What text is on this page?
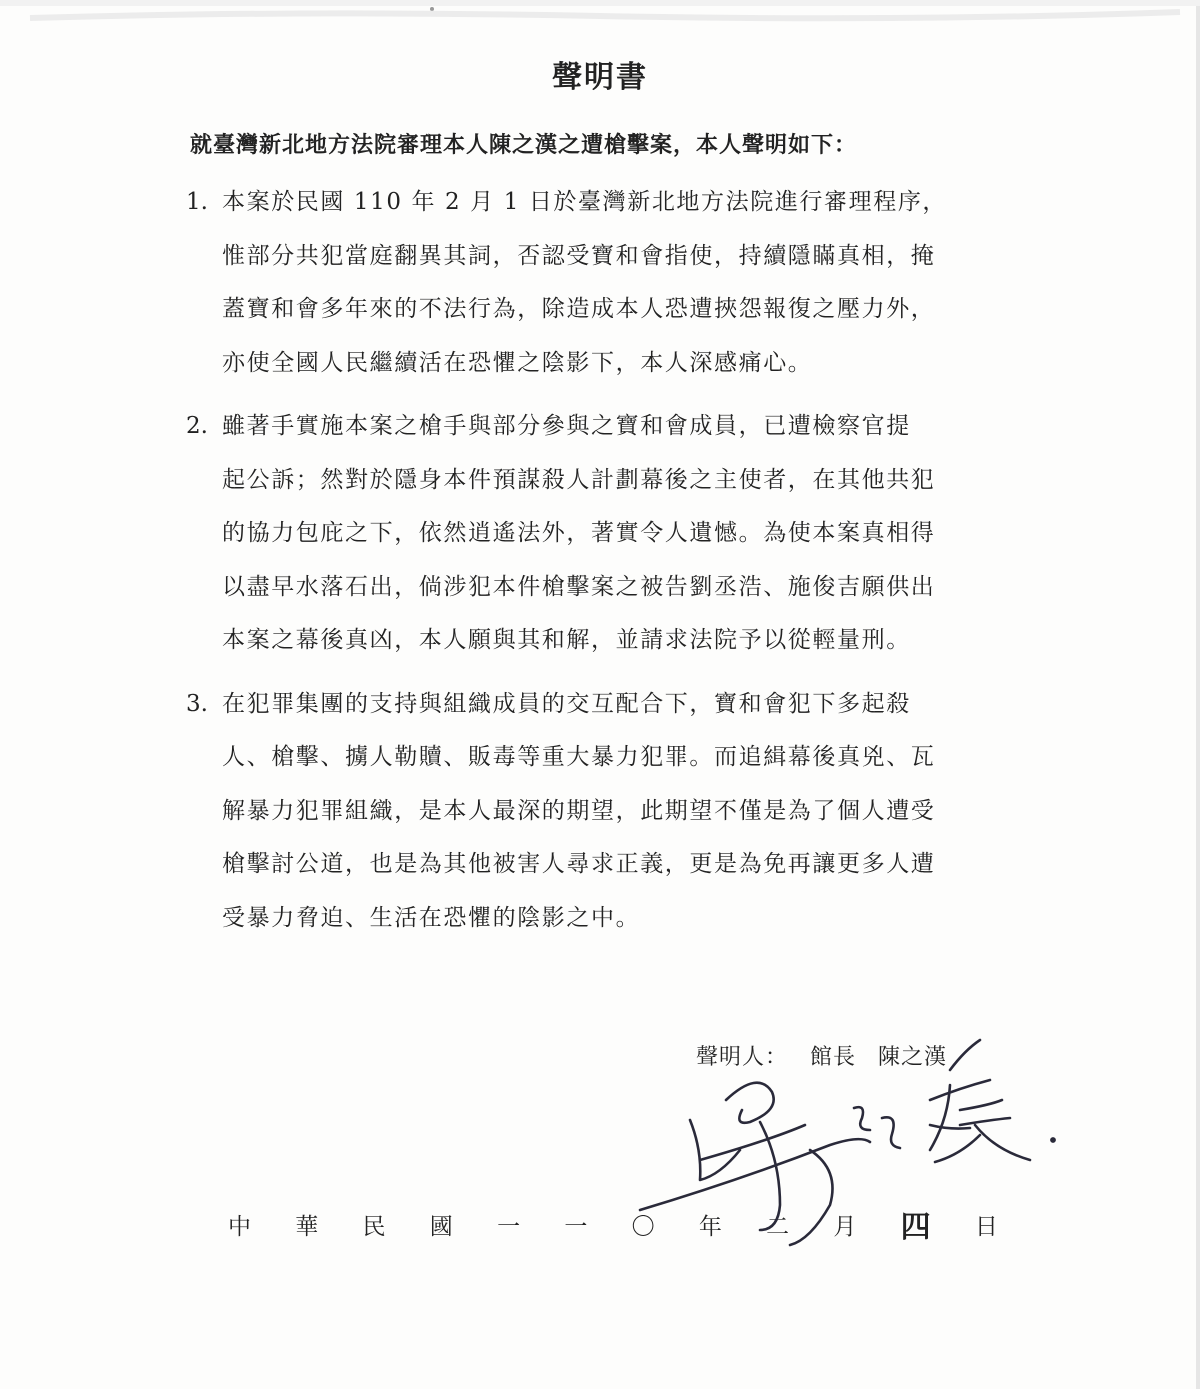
聲明書
就臺灣新北地方法院審理本人陳之漢之遭槍擊案，本人聲明如下：
1. 本案於民國 110 年 2 月 1 日於臺灣新北地方法院進行審理程序，
惟部分共犯當庭翻異其詞，否認受寶和會指使，持續隱瞞真相，掩
蓋寶和會多年來的不法行為，除造成本人恐遭挾怨報復之壓力外，
亦使全國人民繼續活在恐懼之陰影下，本人深感痛心。
2. 雖著手實施本案之槍手與部分參與之寶和會成員，已遭檢察官提
起公訴；然對於隱身本件預謀殺人計劃幕後之主使者，在其他共犯
的協力包庇之下，依然逍遙法外，著實令人遺憾。為使本案真相得
以盡早水落石出，倘涉犯本件槍擊案之被告劉丞浩、施俊吉願供出
本案之幕後真凶，本人願與其和解，並請求法院予以從輕量刑。
3. 在犯罪集團的支持與組織成員的交互配合下，寶和會犯下多起殺
人、槍擊、擄人勒贖、販毒等重大暴力犯罪。而追緝幕後真兇、瓦
解暴力犯罪組織，是本人最深的期望，此期望不僅是為了個人遭受
槍擊討公道，也是為其他被害人尋求正義，更是為免再讓更多人遭
受暴力脅迫、生活在恐懼的陰影之中。
聲明人： 館長 陳之漢
中 華 民 國 一 一 〇 年 二 月 四 日
